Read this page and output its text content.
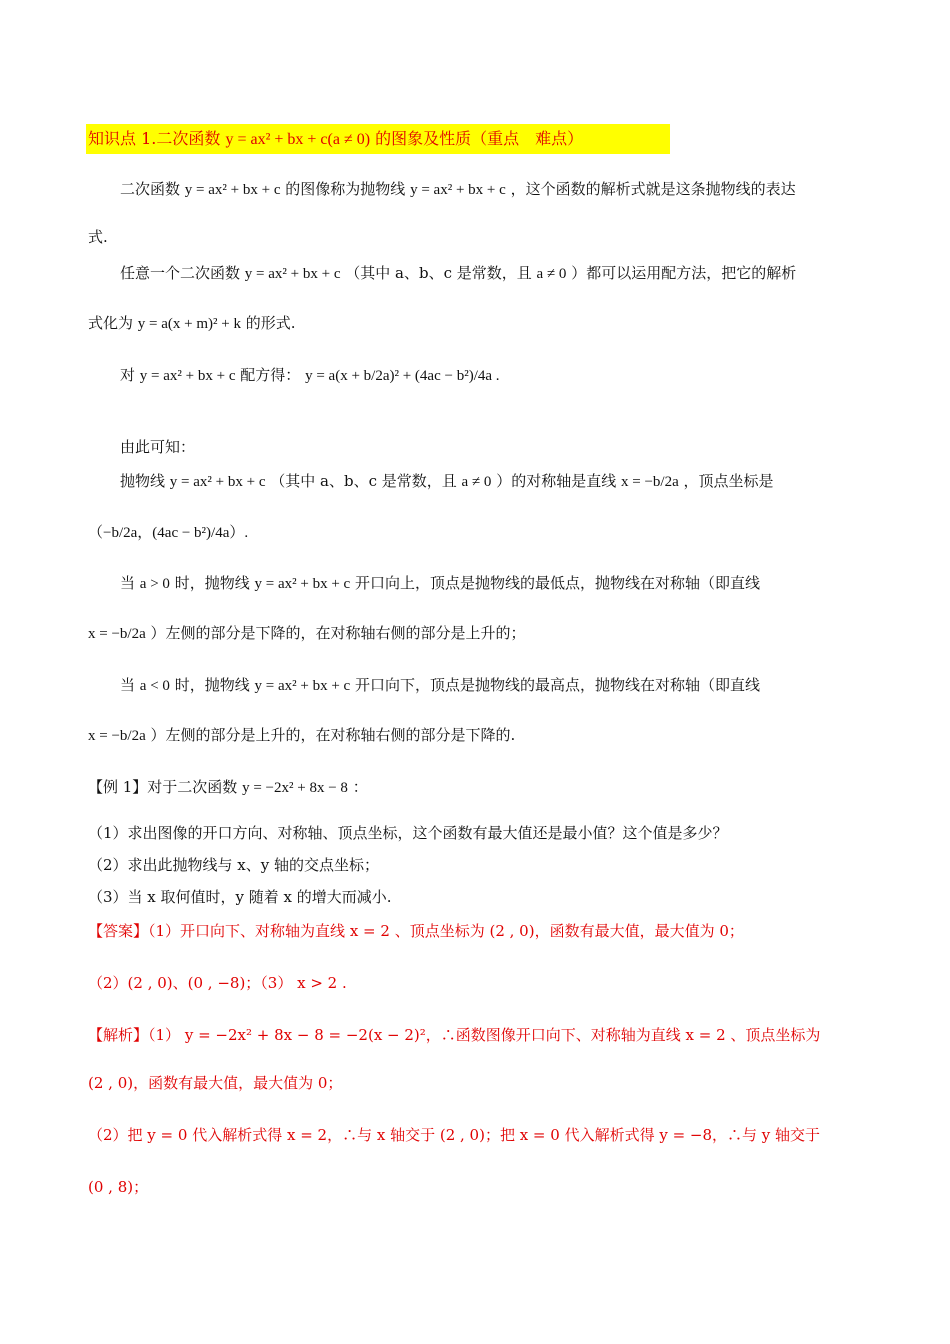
知识点 1.二次函数 y = ax² + bx + c(a ≠ 0) 的图象及性质（重点　难点）
二次函数 y = ax² + bx + c 的图像称为抛物线 y = ax² + bx + c ，这个函数的解析式就是这条抛物线的表达
式.
任意一个二次函数 y = ax² + bx + c （其中 a、b、c 是常数，且 a ≠ 0 ）都可以运用配方法，把它的解析
式化为 y = a(x + m)² + k 的形式.
对 y = ax² + bx + c 配方得： y = a(x + b/2a)² + (4ac − b²)/4a .
由此可知：
抛物线 y = ax² + bx + c （其中 a、b、c 是常数，且 a ≠ 0 ）的对称轴是直线 x = −b/2a ，顶点坐标是
（−b/2a，(4ac − b²)/4a）.
当 a > 0 时，抛物线 y = ax² + bx + c 开口向上，顶点是抛物线的最低点，抛物线在对称轴（即直线
x = −b/2a ）左侧的部分是下降的，在对称轴右侧的部分是上升的；
当 a < 0 时，抛物线 y = ax² + bx + c 开口向下，顶点是抛物线的最高点，抛物线在对称轴（即直线
x = −b/2a ）左侧的部分是上升的，在对称轴右侧的部分是下降的.
【例 1】对于二次函数 y = −2x² + 8x − 8 ：
（1）求出图像的开口方向、对称轴、顶点坐标，这个函数有最大值还是最小值？这个值是多少？
（2）求出此抛物线与 x、y 轴的交点坐标；
（3）当 x 取何值时，y 随着 x 的增大而减小.
【答案】（1）开口向下、对称轴为直线 x = 2 、顶点坐标为 (2 , 0)，函数有最大值，最大值为 0；
（2）(2 , 0)、(0 , −8)；（3） x > 2 .
【解析】（1） y = −2x² + 8x − 8 = −2(x − 2)²，∴函数图像开口向下、对称轴为直线 x = 2 、顶点坐标为
(2 , 0)，函数有最大值，最大值为 0；
（2）把 y = 0 代入解析式得 x = 2，∴与 x 轴交于 (2 , 0)；把 x = 0 代入解析式得 y = −8，∴与 y 轴交于
(0 , 8)；
